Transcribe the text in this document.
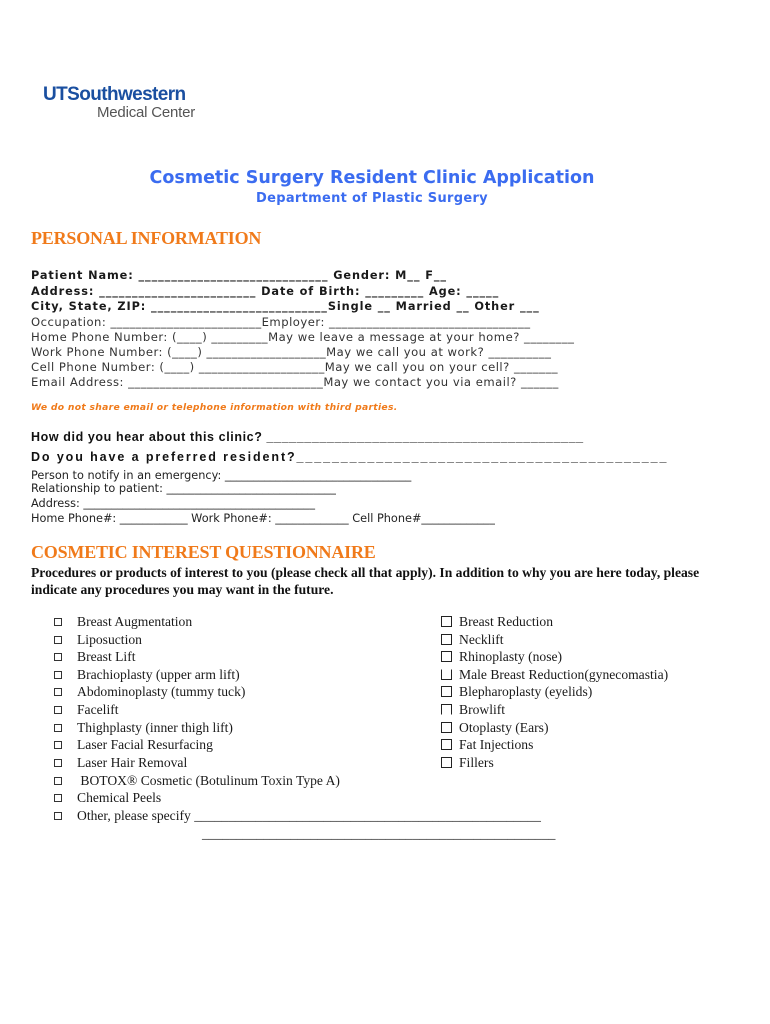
UTSouthwestern
Medical Center
Cosmetic Surgery Resident Clinic Application
Department of Plastic Surgery
PERSONAL INFORMATION
Patient Name: _____________________________ Gender: M__ F__
Address: ________________________ Date of Birth: _________ Age: _____
City, State, ZIP: ___________________________Single __ Married __ Other ___
Occupation: ________________________Employer: ________________________________
Home Phone Number: (____) _________May we leave a message at your home? ________
Work Phone Number: (____) ___________________May we call you at work? __________
Cell Phone Number: (____) ____________________May we call you on your cell? _______
Email Address: _______________________________May we contact you via email? ______
We do not share email or telephone information with third parties.
How did you hear about this clinic? __________________________________________
Do you have a preferred resident?__________________________________________
Person to notify in an emergency: _________________________________
Relationship to patient: ______________________________
Address: _________________________________________
Home Phone#: ____________ Work Phone#: _____________ Cell Phone#_____________
COSMETIC INTEREST QUESTIONNAIRE
Procedures or products of interest to you (please check all that apply). In addition to why you are here today, please indicate any procedures you may want in the future.
Breast Augmentation
Liposuction
Breast Lift
Brachioplasty (upper arm lift)
Abdominoplasty (tummy tuck)
Facelift
Thighplasty (inner thigh lift)
Laser Facial Resurfacing
Laser Hair Removal
BOTOX® Cosmetic (Botulinum Toxin Type A)
Chemical Peels
Other, please specify ___________________________________________________
____________________________________________________
Breast Reduction
Necklift
Rhinoplasty (nose)
Male Breast Reduction(gynecomastia)
Blepharoplasty (eyelids)
Browlift
Otoplasty (Ears)
Fat Injections
Fillers
